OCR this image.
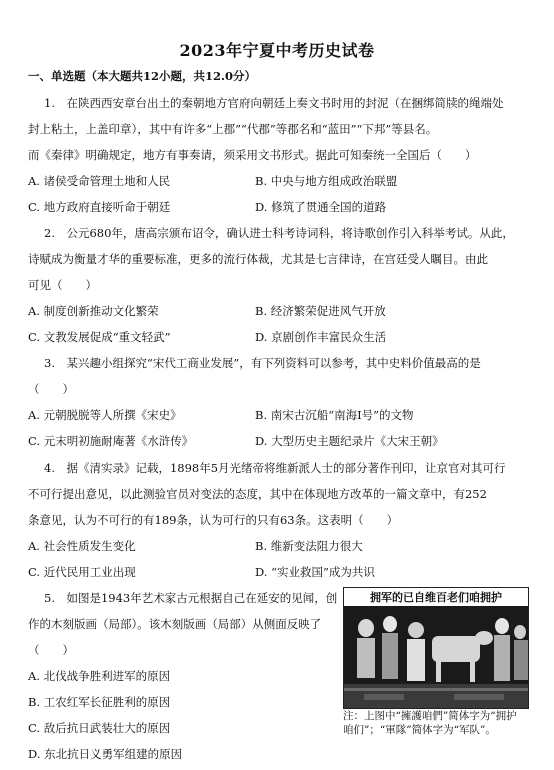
2023年宁夏中考历史试卷
一、单选题（本大题共12小题，共12.0分）
1.　在陕西西安章台出土的秦朝地方官府向朝廷上奏文书时用的封泥（在捆绑简牍的绳端处
封上粘土，上盖印章），其中有许多“上郡”“代郡”等郡名和“蓝田”“下邦”等县名。
而《秦律》明确规定，地方有事奏请，须采用文书形式。据此可知秦统一全国后（　　）
A. 诸侯受命管理土地和人民	B. 中央与地方组成政治联盟
C. 地方政府直接听命于朝廷	D. 修筑了贯通全国的道路
2.　公元680年，唐高宗颁布诏令，确认进士科考诗词科，将诗歌创作引入科举考试。从此，
诗赋成为衡量才华的重要标准，更多的流行体裁，尤其是七言律诗，在宫廷受人瞩目。由此
可见（　　）
A. 制度创新推动文化繁荣	B. 经济繁荣促进风气开放
C. 文教发展促成“重文轻武”	D. 京剧创作丰富民众生活
3.　某兴趣小组探究“宋代工商业发展”，有下列资料可以参考，其中史料价值最高的是
（　　）
A. 元朝脱脱等人所撰《宋史》	B. 南宋古沉船“南海Ⅰ号”的文物
C. 元末明初施耐庵著《水浒传》	D. 大型历史主题纪录片《大宋王朝》
4.　据《清实录》记载，1898年5月光绪帝将维新派人士的部分著作刊印，让京官对其可行
不可行提出意见，以此测验官员对变法的态度，其中在体现地方改革的一篇文章中，有252
条意见，认为不可行的有189条，认为可行的只有63条。这表明（　　）
A. 社会性质发生变化	B. 维新变法阻力很大
C. 近代民用工业出现	D. “实业救国”成为共识
5.　如图是1943年艺术家古元根据自己在延安的见闻，创
作的木刻版画（局部）。该木刻版画（局部）从侧面反映了
（　　）
A. 北伐战争胜利进军的原因
B. 工农红军长征胜利的原因
C. 敌后抗日武装壮大的原因
D. 东北抗日义勇军组建的原因
拥军的已自维百老们咱拥护
注：上图中“擁護咱們”简体字为“拥护
咱们”；“軍隊”简体字为“军队”。
